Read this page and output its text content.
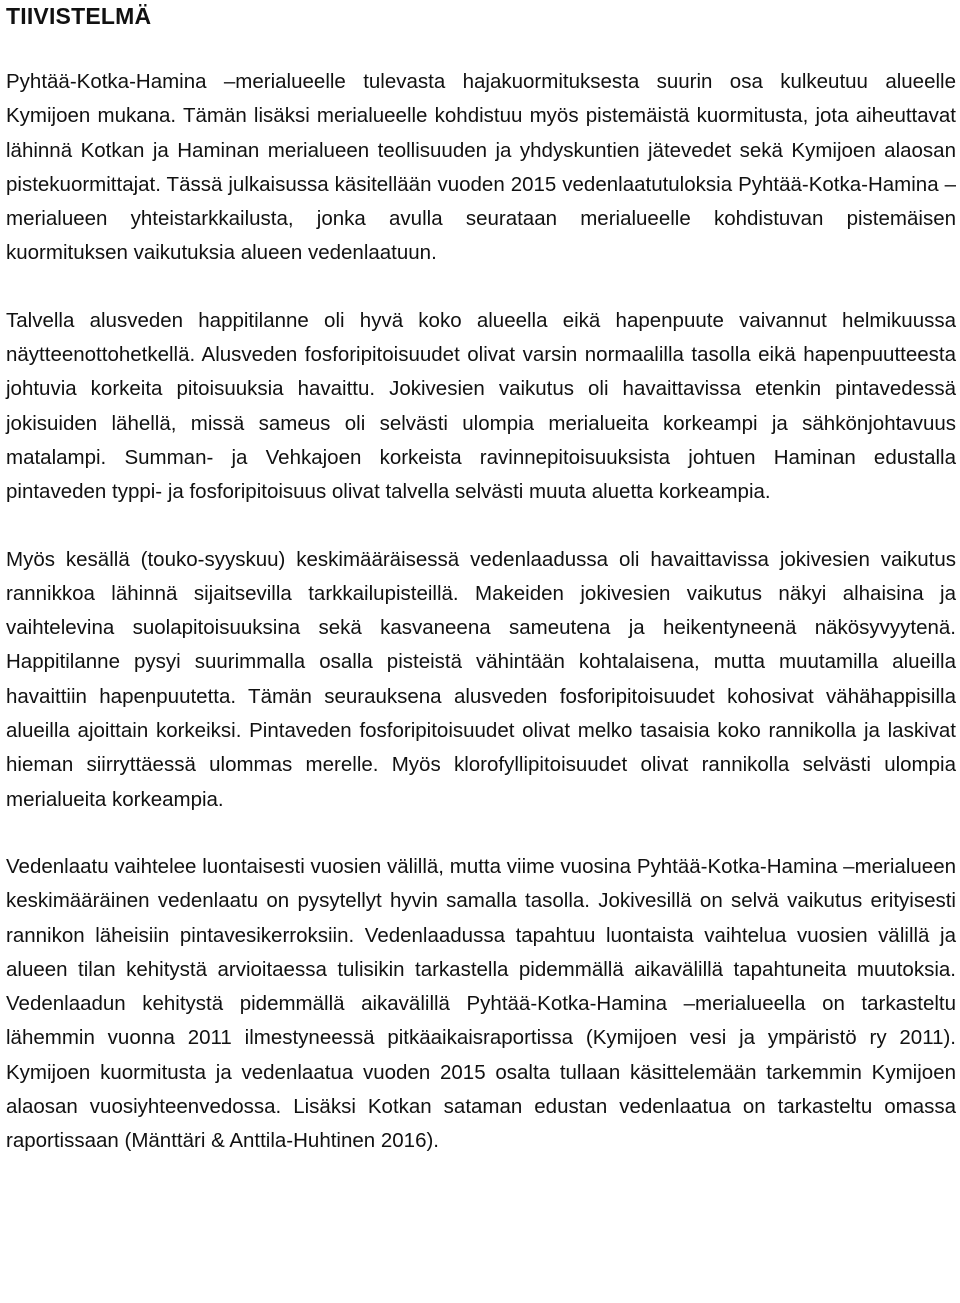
TIIVISTELMÄ

Pyhtää-Kotka-Hamina –merialueelle tulevasta hajakuormituksesta suurin osa kulkeutuu alueelle Kymijoen mukana. Tämän lisäksi merialueelle kohdistuu myös pistemäistä kuormitusta, jota aiheuttavat lähinnä Kotkan ja Haminan merialueen teollisuuden ja yhdyskuntien jätevedet sekä Kymijoen alaosan pistekuormittajat. Tässä julkaisussa käsitellään vuoden 2015 vedenlaatutuloksia Pyhtää-Kotka-Hamina –merialueen yhteistarkkailusta, jonka avulla seurataan merialueelle kohdistuvan pistemäisen kuormituksen vaikutuksia alueen vedenlaatuun.

Talvella alusveden happitilanne oli hyvä koko alueella eikä hapenpuute vaivannut helmikuussa näytteenottohetkellä. Alusveden fosforipitoisuudet olivat varsin normaalilla tasolla eikä hapenpuutteesta johtuvia korkeita pitoisuuksia havaittu. Jokivesien vaikutus oli havaittavissa etenkin pintavedessä jokisuiden lähellä, missä sameus oli selvästi ulompia merialueita korkeampi ja sähkönjohtavuus matalampi. Summan- ja Vehkajoen korkeista ravinnepitoisuuksista johtuen Haminan edustalla pintaveden typpi- ja fosforipitoisuus olivat talvella selvästi muuta aluetta korkeampia.

Myös kesällä (touko-syyskuu) keskimääräisessä vedenlaadussa oli havaittavissa jokivesien vaikutus rannikkoa lähinnä sijaitsevilla tarkkailupisteillä. Makeiden jokivesien vaikutus näkyi alhaisina ja vaihtelevina suolapitoisuuksina sekä kasvaneena sameutena ja heikentyneenä näkösyvyytenä. Happitilanne pysyi suurimmalla osalla pisteistä vähintään kohtalaisena, mutta muutamilla alueilla havaittiin hapenpuutetta. Tämän seurauksena alusveden fosforipitoisuudet kohosivat vähähappisilla alueilla ajoittain korkeiksi. Pintaveden fosforipitoisuudet olivat melko tasaisia koko rannikolla ja laskivat hieman siirryttäessä ulommas merelle. Myös klorofyllipitoisuudet olivat rannikolla selvästi ulompia merialueita korkeampia.

Vedenlaatu vaihtelee luontaisesti vuosien välillä, mutta viime vuosina Pyhtää-Kotka-Hamina –merialueen keskimääräinen vedenlaatu on pysytellyt hyvin samalla tasolla. Jokivesillä on selvä vaikutus erityisesti rannikon läheisiin pintavesikerroksiin. Vedenlaadussa tapahtuu luontaista vaihtelua vuosien välillä ja alueen tilan kehitystä arvioitaessa tulisikin tarkastella pidemmällä aikavälillä tapahtuneita muutoksia. Vedenlaadun kehitystä pidemmällä aikavälillä Pyhtää-Kotka-Hamina –merialueella on tarkasteltu lähemmin vuonna 2011 ilmestyneessä pitkäaikaisraportissa (Kymijoen vesi ja ympäristö ry 2011). Kymijoen kuormitusta ja vedenlaatua vuoden 2015 osalta tullaan käsittelemään tarkemmin Kymijoen alaosan vuosiyhteenvedossa. Lisäksi Kotkan sataman edustan vedenlaatua on tarkasteltu omassa raportissaan (Mänttäri & Anttila-Huhtinen 2016).
